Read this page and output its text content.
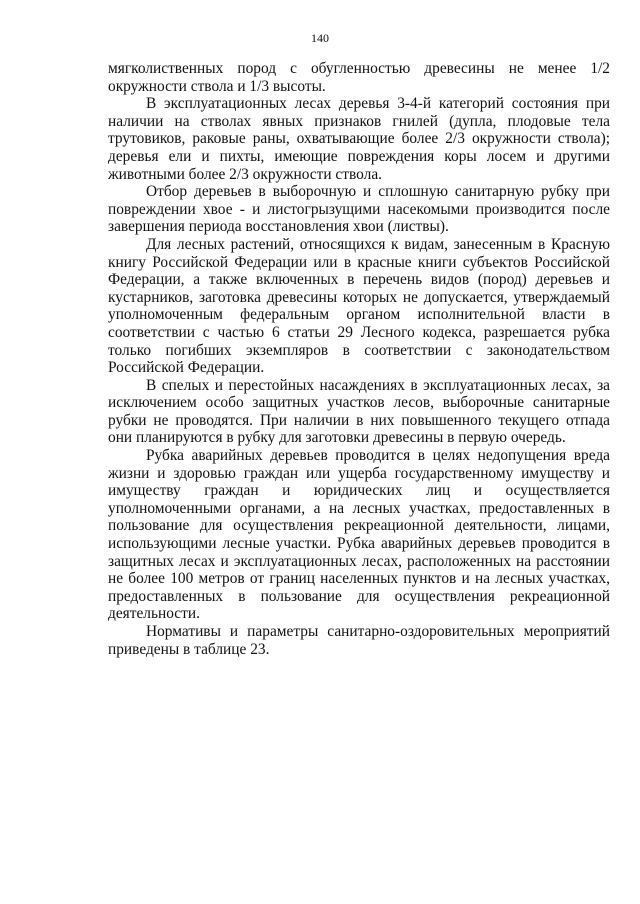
140

мягколиственных пород с обугленностью древесины не менее 1/2 окружности ствола и 1/3 высоты.

В эксплуатационных лесах деревья 3-4-й категорий состояния при наличии на стволах явных признаков гнилей (дупла, плодовые тела трутовиков, раковые раны, охватывающие более 2/3 окружности ствола); деревья ели и пихты, имеющие повреждения коры лосем и другими животными более 2/3 окружности ствола.

Отбор деревьев в выборочную и сплошную санитарную рубку при повреждении хвое - и листогрызущими насекомыми производится после завершения периода восстановления хвои (листвы).

Для лесных растений, относящихся к видам, занесенным в Красную книгу Российской Федерации или в красные книги субъектов Российской Федерации, а также включенных в перечень видов (пород) деревьев и кустарников, заготовка древесины которых не допускается, утверждаемый уполномоченным федеральным органом исполнительной власти в соответствии с частью 6 статьи 29 Лесного кодекса, разрешается рубка только погибших экземпляров в соответствии с законодательством Российской Федерации.

В спелых и перестойных насаждениях в эксплуатационных лесах, за исключением особо защитных участков лесов, выборочные санитарные рубки не проводятся. При наличии в них повышенного текущего отпада они планируются в рубку для заготовки древесины в первую очередь.

Рубка аварийных деревьев проводится в целях недопущения вреда жизни и здоровью граждан или ущерба государственному имуществу и имуществу граждан и юридических лиц и осуществляется уполномоченными органами, а на лесных участках, предоставленных в пользование для осуществления рекреационной деятельности, лицами, использующими лесные участки. Рубка аварийных деревьев проводится в защитных лесах и эксплуатационных лесах, расположенных на расстоянии не более 100 метров от границ населенных пунктов и на лесных участках, предоставленных в пользование для осуществления рекреационной деятельности.

Нормативы и параметры санитарно-оздоровительных мероприятий приведены в таблице 23.
